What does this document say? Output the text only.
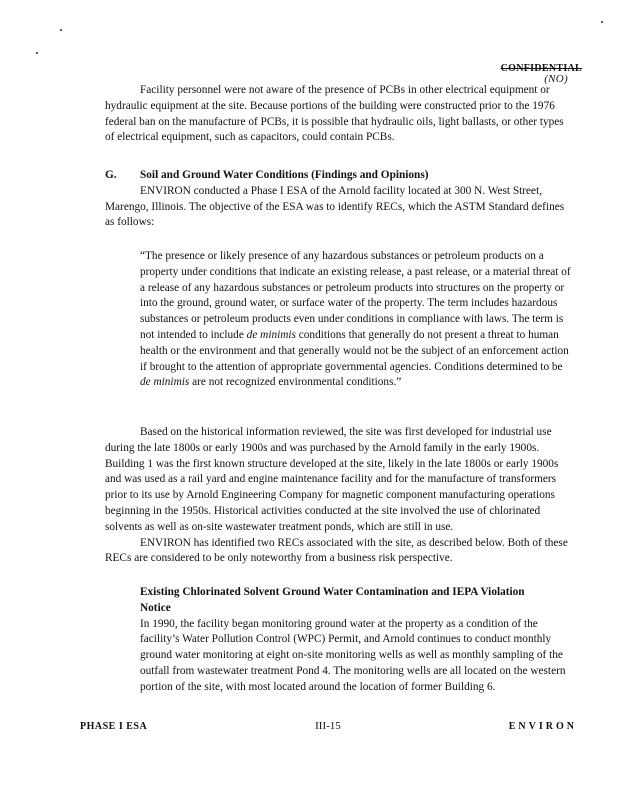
CONFIDENTIAL
(NO)

Facility personnel were not aware of the presence of PCBs in other electrical equipment or hydraulic equipment at the site. Because portions of the building were constructed prior to the 1976 federal ban on the manufacture of PCBs, it is possible that hydraulic oils, light ballasts, or other types of electrical equipment, such as capacitors, could contain PCBs.

G.	Soil and Ground Water Conditions (Findings and Opinions)

ENVIRON conducted a Phase I ESA of the Arnold facility located at 300 N. West Street, Marengo, Illinois. The objective of the ESA was to identify RECs, which the ASTM Standard defines as follows:

“The presence or likely presence of any hazardous substances or petroleum products on a property under conditions that indicate an existing release, a past release, or a material threat of a release of any hazardous substances or petroleum products into structures on the property or into the ground, ground water, or surface water of the property. The term includes hazardous substances or petroleum products even under conditions in compliance with laws. The term is not intended to include de minimis conditions that generally do not present a threat to human health or the environment and that generally would not be the subject of an enforcement action if brought to the attention of appropriate governmental agencies. Conditions determined to be de minimis are not recognized environmental conditions.”

Based on the historical information reviewed, the site was first developed for industrial use during the late 1800s or early 1900s and was purchased by the Arnold family in the early 1900s. Building 1 was the first known structure developed at the site, likely in the late 1800s or early 1900s and was used as a rail yard and engine maintenance facility and for the manufacture of transformers prior to its use by Arnold Engineering Company for magnetic component manufacturing operations beginning in the 1950s. Historical activities conducted at the site involved the use of chlorinated solvents as well as on-site wastewater treatment ponds, which are still in use.

ENVIRON has identified two RECs associated with the site, as described below. Both of these RECs are considered to be only noteworthy from a business risk perspective.

Existing Chlorinated Solvent Ground Water Contamination and IEPA Violation Notice

In 1990, the facility began monitoring ground water at the property as a condition of the facility’s Water Pollution Control (WPC) Permit, and Arnold continues to conduct monthly ground water monitoring at eight on-site monitoring wells as well as monthly sampling of the outfall from wastewater treatment Pond 4. The monitoring wells are all located on the western portion of the site, with most located around the location of former Building 6.

PHASE I ESA	III-15	ENVIRON
